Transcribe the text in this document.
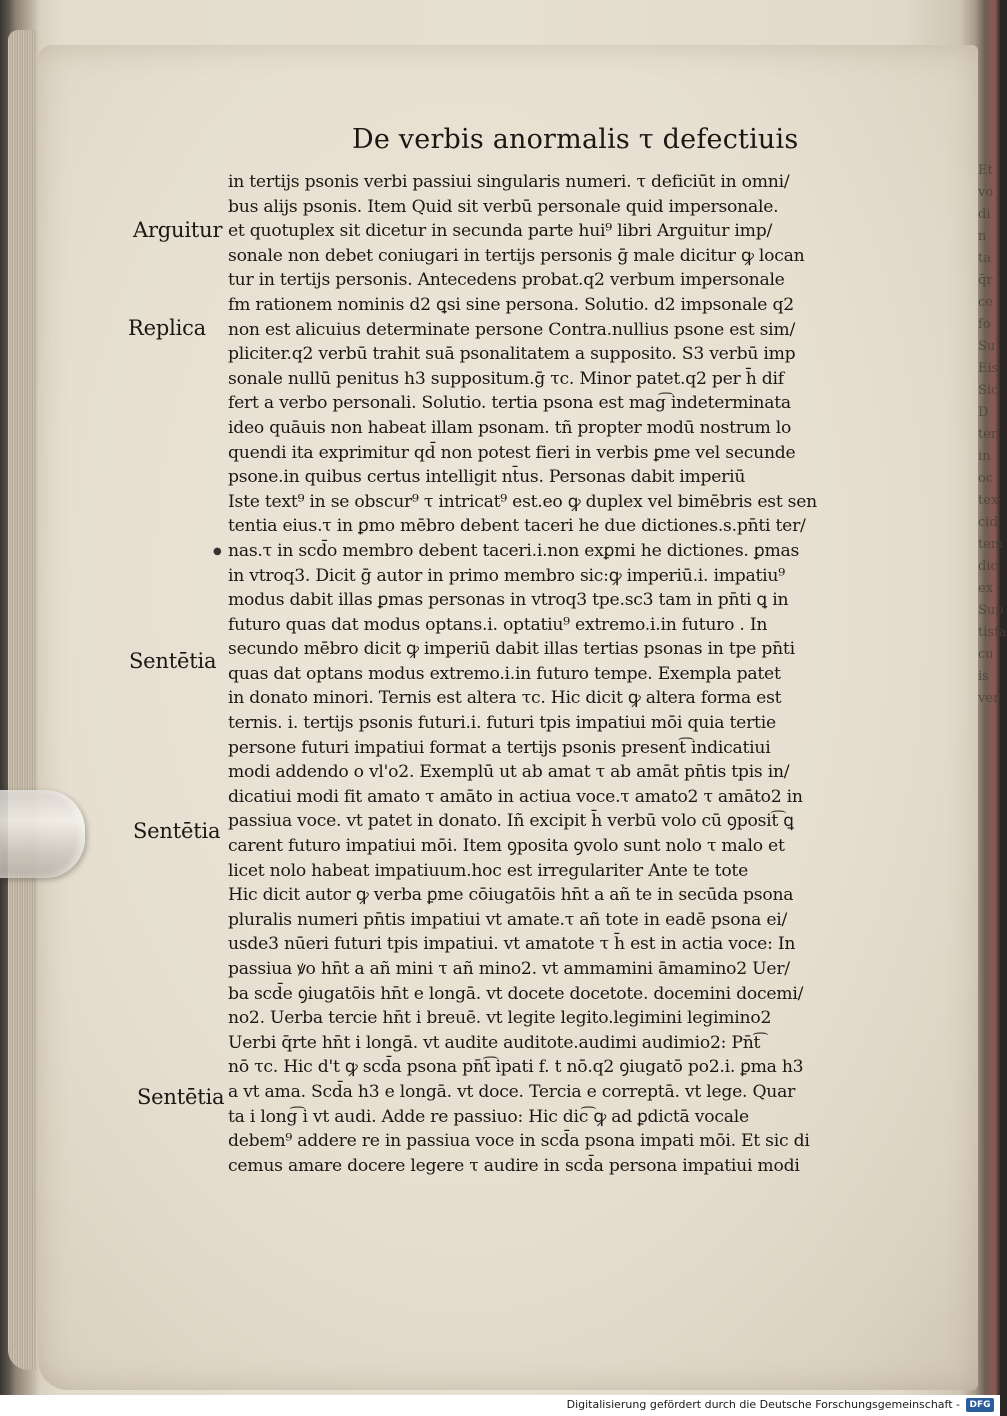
Et vo di n ta q̄r ce fo Su Eis Sic D ter in oc tex cid tem dic ex Sup tisfa cu is ver
De verbis anormalis τ defectiuis
Arguitur
Replica
Sentētia
Sentētia
Sentētia
●
in tertijs psonis verbi passiui singularis numeri. τ deficiūt in omni/
bus alijs psonis. Item Quid sit verbū personale quid impersonale.
et quotuplex sit dicetur in secunda parte hui⁹ libri Arguitur imp/
sonale non debet coniugari in tertijs personis ḡ male dicitur ꝙ locan
tur in tertijs personis. Antecedens probat.q2 verbum impersonale
fm rationem nominis d2 ꝗsi sine persona. Solutio. d2 impsonale q2
non est alicuius determinate persone Contra.nullius psone est sim/
pliciter.q2 verbū trahit suā psonalitatem a supposito. S3 verbū imp
sonale nullū penitus h3 suppositum.ḡ τc. Minor patet.q2 per h̄ dif
fert a verbo personali. Solutio. tertia psona est mag͡ indeterminata
ideo quāuis non habeat illam psonam. tñ propter modū nostrum lo
quendi ita exprimitur qd̄ non potest fieri in verbis ꝑme vel secunde
psone.in quibus certus intelligit nt̄us. Personas dabit imperiū
Iste text⁹ in se obscur⁹ τ intricat⁹ est.eo ꝙ duplex vel bimēbris est sen
tentia eius.τ in ꝑmo mēbro debent taceri he due dictiones.s.pn̄ti ter/
nas.τ in scd̄o membro debent taceri.i.non exꝑmi he dictiones. ꝑmas
in vtroq3. Dicit ḡ autor in primo membro sic:ꝙ imperiū.i. impatiu⁹
modus dabit illas ꝑmas personas in vtroq3 tpe.sc3 tam in pn̄ti ꝗ in
futuro quas dat modus optans.i. optatiu⁹ extremo.i.in futuro . In
secundo mēbro dicit ꝙ imperiū dabit illas tertias psonas in tpe pn̄ti
quas dat optans modus extremo.i.in futuro tempe. Exempla patet
in donato minori. Ternis est altera τc. Hic dicit ꝙ altera forma est
ternis. i. tertijs psonis futuri.i. futuri tpis impatiui mōi quia tertie
persone futuri impatiui format a tertijs psonis present͡ indicatiui
modi addendo o vl'o2. Exemplū ut ab amat τ ab amāt pn̄tis tpis in/
dicatiui modi fit amato τ amāto in actiua voce.τ amato2 τ amāto2 in
passiua voce. vt patet in donato. Iñ excipit h̄ verbū volo cū ꝯposit͡ ꝗ
carent futuro impatiui mōi. Item ꝯposita ꝯvolo sunt nolo τ malo et
licet nolo habeat impatiuum.hoc est irregulariter Ante te tote
Hic dicit autor ꝙ verba ꝑme cōiugatōis hn̄t a añ te in secūda psona
pluralis numeri pn̄tis impatiui vt amate.τ añ tote in eadē psona ei/
usde3 nūeri futuri tpis impatiui. vt amatote τ h̄ est in actia voce: In
passiua ꝟo hn̄t a añ mini τ añ mino2. vt ammamini āmamino2 Uer/
ba scd̄e ꝯiugatōis hn̄t e longā. vt docete docetote. docemini docemi/
no2. Uerba tercie hn̄t i breuē. vt legite legito.legimini legimino2
Uerbi q̄rte hn̄t i longā. vt audite auditote.audimi audimio2: Pn̄t͡
nō τc. Hic d't ꝙ scd̄a psona pn̄t͡ ipati f. t nō.q2 ꝯiugatō po2.i. ꝑma h3
a vt ama. Scd̄a h3 e longā. vt doce. Tercia e correptā. vt lege. Quar
ta i long͡ i vt audi. Adde re passiuo: Hic dic͡ ꝙ ad ꝑdictā vocale
debem⁹ addere re in passiua voce in scd̄a psona impati mōi. Et sic di
cemus amare docere legere τ audire in scd̄a persona impatiui modi
Digitalisierung gefördert durch die Deutsche Forschungsgemeinschaft -	DFG
